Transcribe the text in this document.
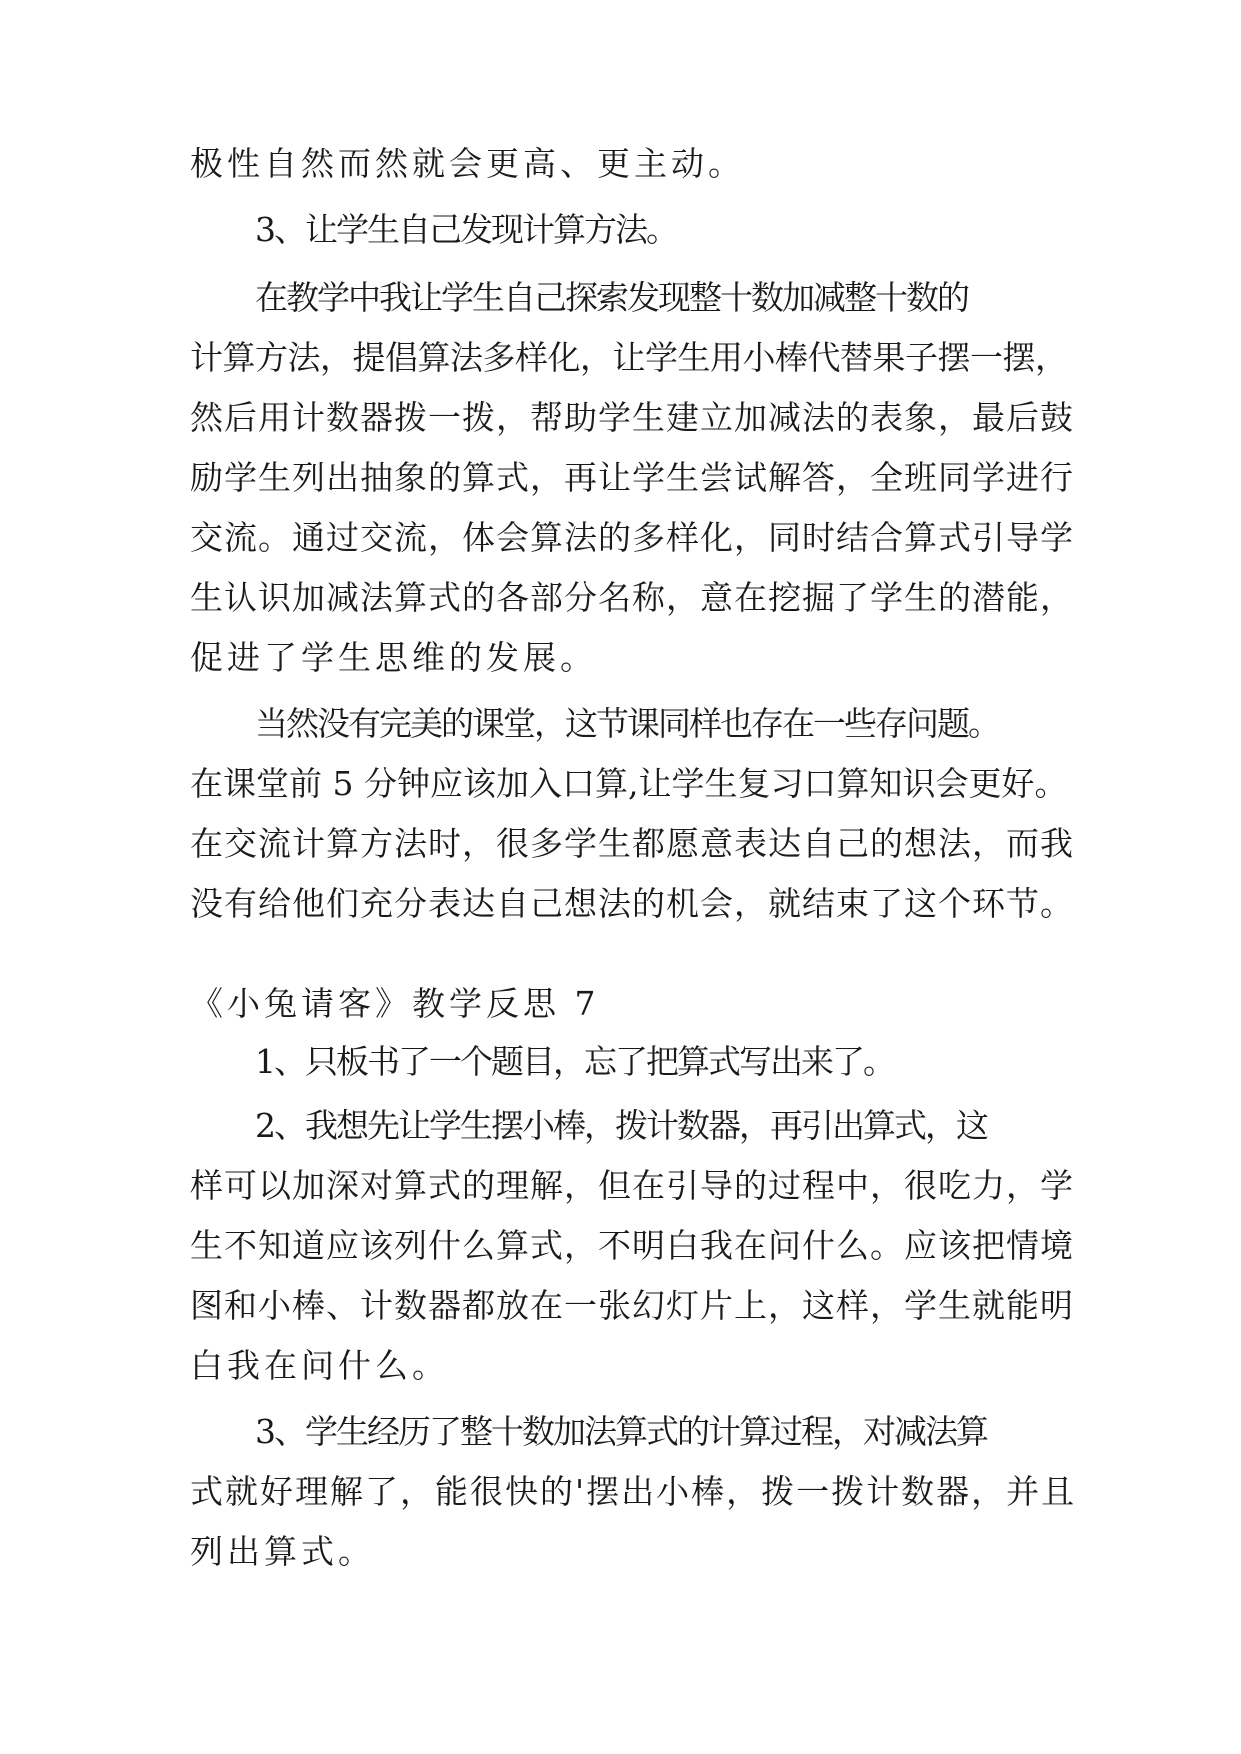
极性自然而然就会更高、更主动。
3、让学生自己发现计算方法。
在教学中我让学生自己探索发现整十数加减整十数的
计算方法，提倡算法多样化，让学生用小棒代替果子摆一摆，
然后用计数器拨一拨，帮助学生建立加减法的表象，最后鼓
励学生列出抽象的算式，再让学生尝试解答，全班同学进行
交流。通过交流，体会算法的多样化，同时结合算式引导学
生认识加减法算式的各部分名称，意在挖掘了学生的潜能，
促进了学生思维的发展。
当然没有完美的课堂，这节课同样也存在一些存问题。
在课堂前 5 分钟应该加入口算,让学生复习口算知识会更好。
在交流计算方法时，很多学生都愿意表达自己的想法，而我
没有给他们充分表达自己想法的机会，就结束了这个环节。
《小兔请客》教学反思 7
1、只板书了一个题目，忘了把算式写出来了。
2、我想先让学生摆小棒，拨计数器，再引出算式，这
样可以加深对算式的理解，但在引导的过程中，很吃力，学
生不知道应该列什么算式，不明白我在问什么。应该把情境
图和小棒、计数器都放在一张幻灯片上，这样，学生就能明
白我在问什么。
3、学生经历了整十数加法算式的计算过程，对减法算
式就好理解了，能很快的'摆出小棒，拨一拨计数器，并且
列出算式。
